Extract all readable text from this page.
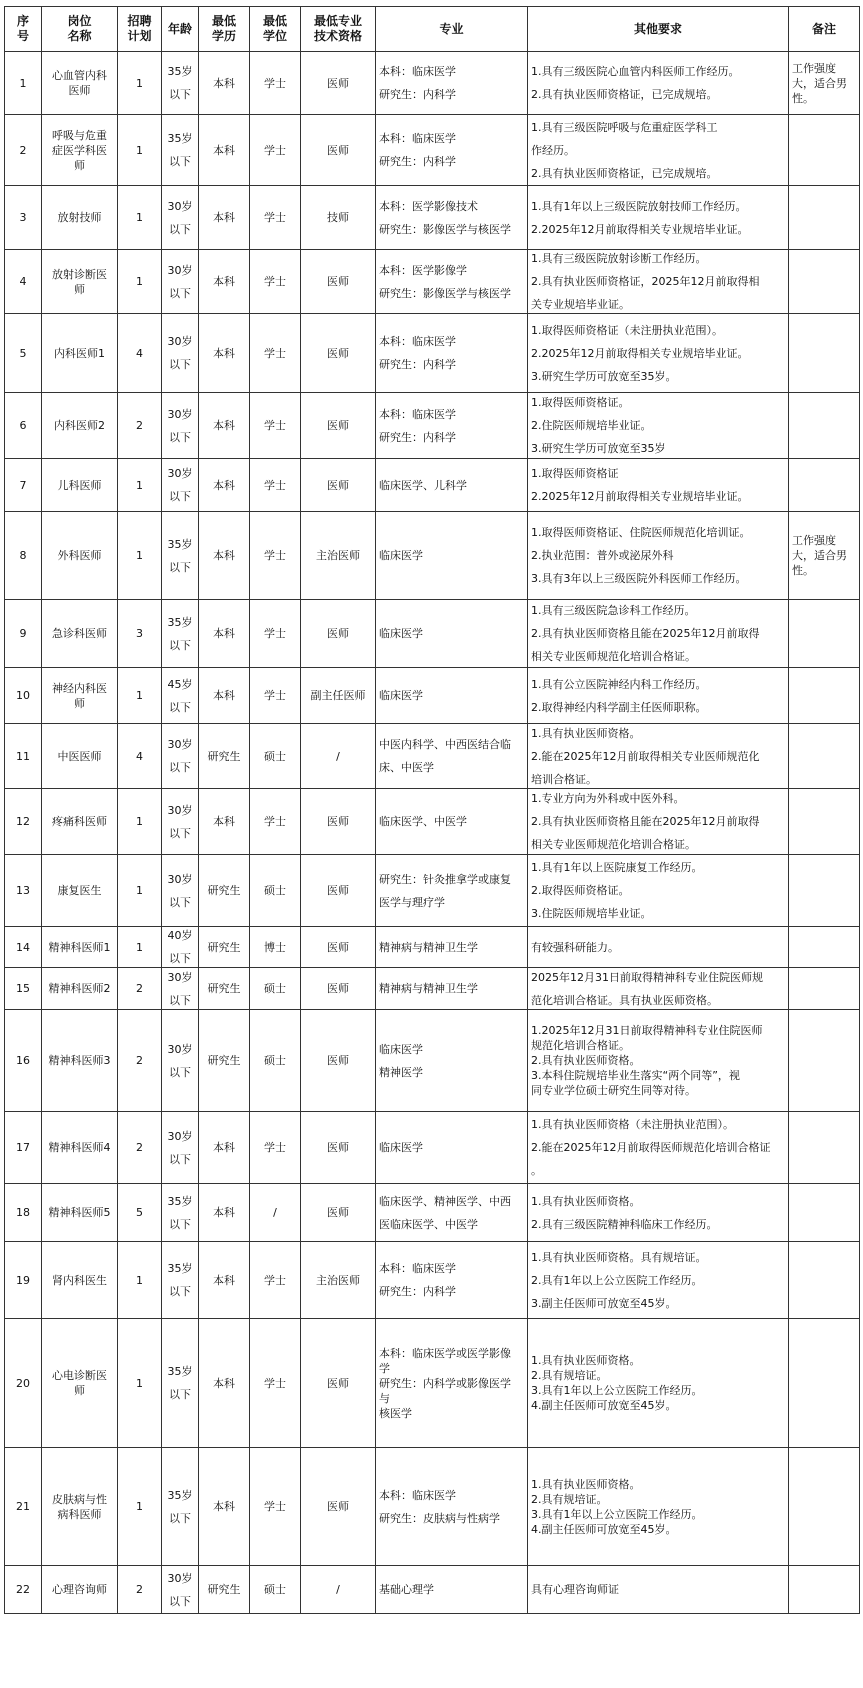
序
号	岗位
名称	招聘
计划	年龄	最低
学历	最低
学位	最低专业
技术资格	专业	其他要求	备注
1	心血管内科
医师	1	35岁
以下	本科	学士	医师	本科：临床医学
研究生：内科学	1.具有三级医院心血管内科医师工作经历。
2.具有执业医师资格证，已完成规培。	工作强度
大，适合男
性。

2	呼吸与危重
症医学科医
师	1	35岁
以下	本科	学士	医师	本科：临床医学
研究生：内科学	1.具有三级医院呼吸与危重症医学科工
作经历。
2.具有执业医师资格证，已完成规培。	

3	放射技师	1	30岁
以下	本科	学士	技师	本科：医学影像技术
研究生：影像医学与核医学	1.具有1年以上三级医院放射技师工作经历。
2.2025年12月前取得相关专业规培毕业证。	

4	放射诊断医
师	1	30岁
以下	本科	学士	医师	本科：医学影像学
研究生：影像医学与核医学	1.具有三级医院放射诊断工作经历。
2.具有执业医师资格证，2025年12月前取得相
关专业规培毕业证。	

5	内科医师1	4	30岁
以下	本科	学士	医师	本科：临床医学
研究生：内科学	1.取得医师资格证（未注册执业范围）。
2.2025年12月前取得相关专业规培毕业证。
3.研究生学历可放宽至35岁。	

6	内科医师2	2	30岁
以下	本科	学士	医师	本科：临床医学
研究生：内科学	1.取得医师资格证。
2.住院医师规培毕业证。
3.研究生学历可放宽至35岁	

7	儿科医师	1	30岁
以下	本科	学士	医师	临床医学、儿科学	1.取得医师资格证
2.2025年12月前取得相关专业规培毕业证。	

8	外科医师	1	35岁
以下	本科	学士	主治医师	临床医学	1.取得医师资格证、住院医师规范化培训证。
2.执业范围：普外或泌尿外科
3.具有3年以上三级医院外科医师工作经历。	工作强度
大，适合男
性。

9	急诊科医师	3	35岁
以下	本科	学士	医师	临床医学	1.具有三级医院急诊科工作经历。
2.具有执业医师资格且能在2025年12月前取得
相关专业医师规范化培训合格证。	

10	神经内科医
师	1	45岁
以下	本科	学士	副主任医师	临床医学	1.具有公立医院神经内科工作经历。
2.取得神经内科学副主任医师职称。	

11	中医医师	4	30岁
以下	研究生	硕士	/	中医内科学、中西医结合临
床、中医学	1.具有执业医师资格。
2.能在2025年12月前取得相关专业医师规范化
培训合格证。	

12	疼痛科医师	1	30岁
以下	本科	学士	医师	临床医学、中医学	1.专业方向为外科或中医外科。
2.具有执业医师资格且能在2025年12月前取得
相关专业医师规范化培训合格证。	

13	康复医生	1	30岁
以下	研究生	硕士	医师	研究生：针灸推拿学或康复
医学与理疗学	1.具有1年以上医院康复工作经历。
2.取得医师资格证。
3.住院医师规培毕业证。	

14	精神科医师1	1	40岁
以下	研究生	博士	医师	精神病与精神卫生学	有较强科研能力。	

15	精神科医师2	2	30岁
以下	研究生	硕士	医师	精神病与精神卫生学	2025年12月31日前取得精神科专业住院医师规
范化培训合格证。具有执业医师资格。	

16	精神科医师3	2	30岁
以下	研究生	硕士	医师	临床医学
精神医学	1.2025年12月31日前取得精神科专业住院医师
规范化培训合格证。
2.具有执业医师资格。
3.本科住院规培毕业生落实“两个同等”，视
同专业学位硕士研究生同等对待。	

17	精神科医师4	2	30岁
以下	本科	学士	医师	临床医学	1.具有执业医师资格（未注册执业范围）。
2.能在2025年12月前取得医师规范化培训合格证
。	

18	精神科医师5	5	35岁
以下	本科	/	医师	临床医学、精神医学、中西
医临床医学、中医学	1.具有执业医师资格。
2.具有三级医院精神科临床工作经历。	

19	肾内科医生	1	35岁
以下	本科	学士	主治医师	本科：临床医学
研究生：内科学	1.具有执业医师资格。具有规培证。
2.具有1年以上公立医院工作经历。
3.副主任医师可放宽至45岁。	

20	心电诊断医
师	1	35岁
以下	本科	学士	医师	本科：临床医学或医学影像
学
研究生：内科学或影像医学
与
核医学	1.具有执业医师资格。
2.具有规培证。
3.具有1年以上公立医院工作经历。
4.副主任医师可放宽至45岁。	

21	皮肤病与性
病科医师	1	35岁
以下	本科	学士	医师	本科：临床医学
研究生：皮肤病与性病学	1.具有执业医师资格。
2.具有规培证。
3.具有1年以上公立医院工作经历。
4.副主任医师可放宽至45岁。	

22	心理咨询师	2	30岁
以下	研究生	硕士	/	基础心理学	具有心理咨询师证	
